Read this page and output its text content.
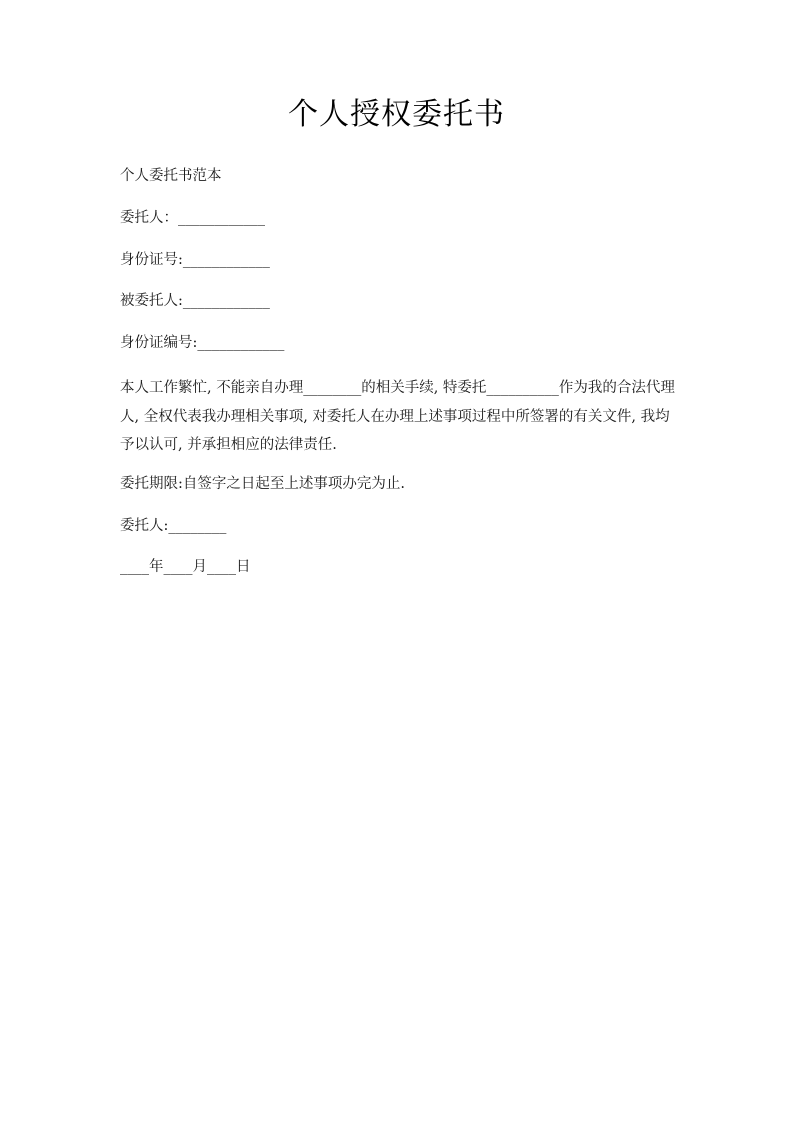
个人授权委托书
个人委托书范本
委托人：____________
身份证号:____________
被委托人:____________
身份证编号:____________
本人工作繁忙, 不能亲自办理________的相关手续, 特委托__________作为我的合法代理人, 全权代表我办理相关事项, 对委托人在办理上述事项过程中所签署的有关文件, 我均予以认可, 并承担相应的法律责任.
委托期限:自签字之日起至上述事项办完为止.
委托人:________
____年____月____日
